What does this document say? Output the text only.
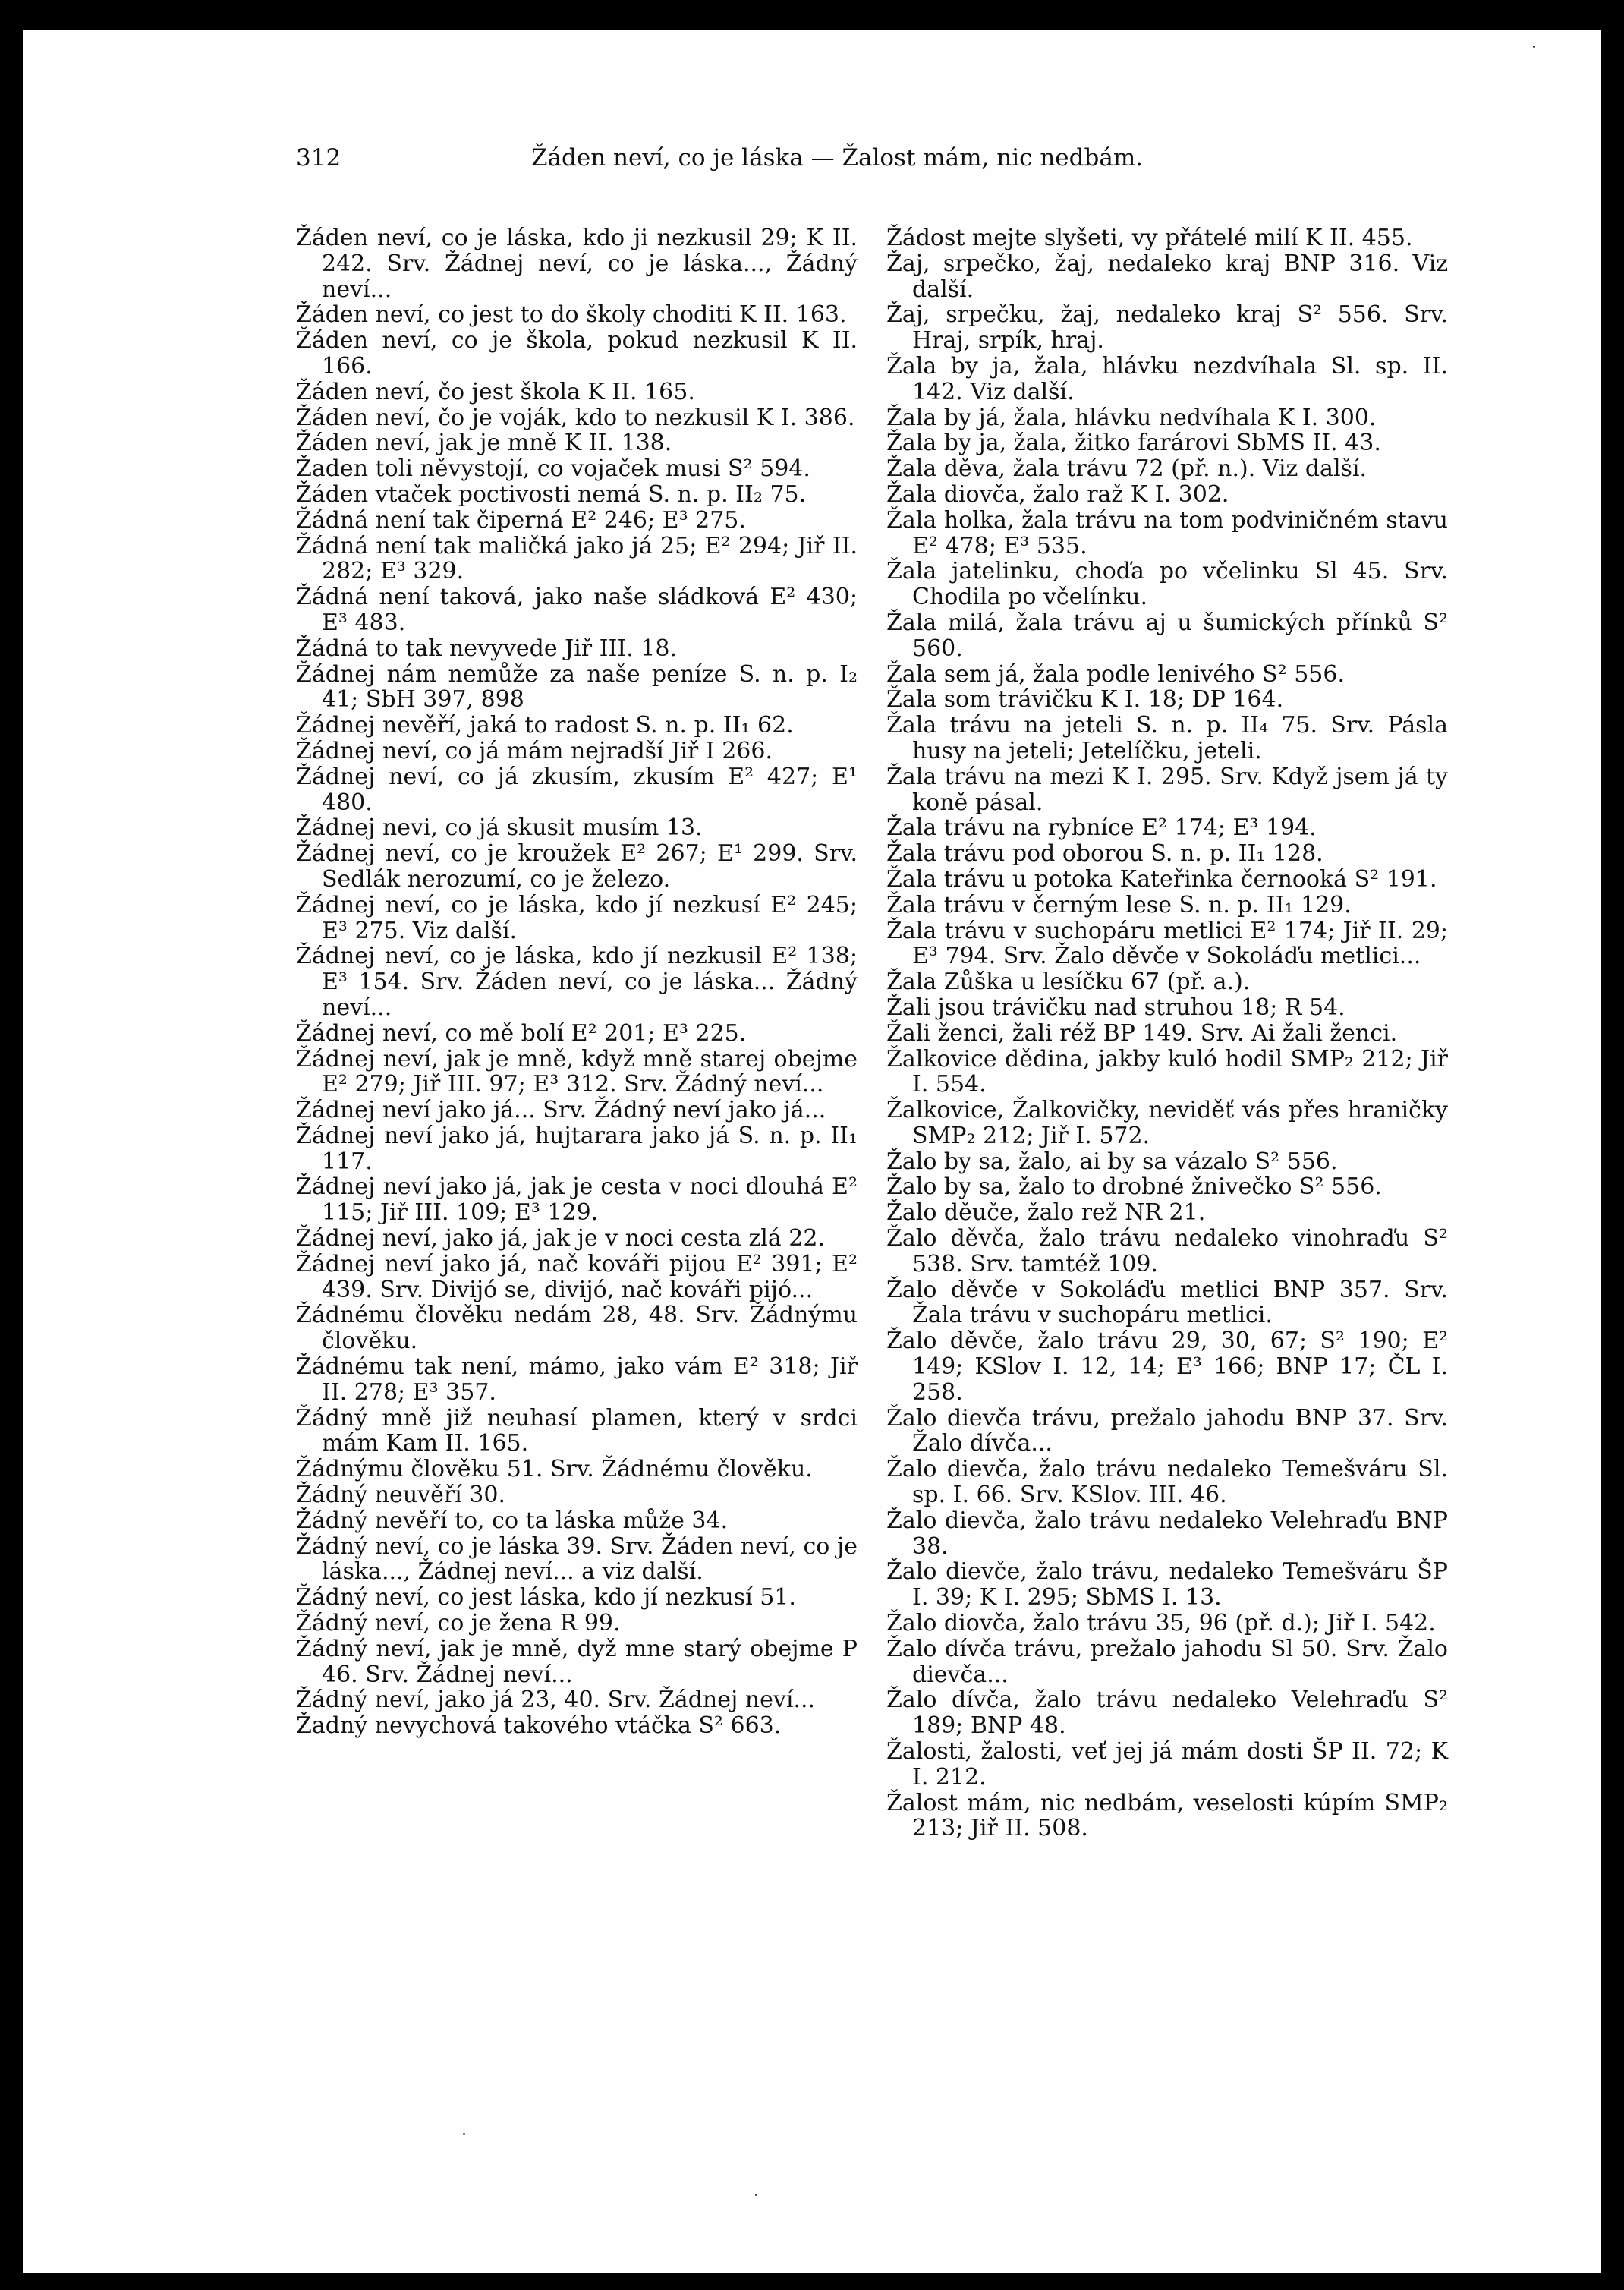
312	Žáden neví, co je láska — Žalost mám, nic nedbám.
Žáden neví, co je láska, kdo ji nezkusil 29; K II. 242. Srv. Žádnej neví, co je láska..., Žádný neví...
Žáden neví, co jest to do školy choditi K II. 163.
Žáden neví, co je škola, pokud nezkusil K II. 166.
Žáden neví, čo jest škola K II. 165.
Žáden neví, čo je voják, kdo to nezkusil K I. 386.
Žáden neví, jak je mně K II. 138.
Žaden toli něvystojí, co vojaček musi S² 594.
Žáden vtaček poctivosti nemá S. n. p. II₂ 75.
Žádná není tak čiperná E² 246; E³ 275.
Žádná není tak maličká jako já 25; E² 294; Jiř II. 282; E³ 329.
Žádná není taková, jako naše sládková E² 430; E³ 483.
Žádná to tak nevyvede Jiř III. 18.
Žádnej nám nemůže za naše peníze S. n. p. I₂ 41; SbH 397, 898
Žádnej nevěří, jaká to radost S. n. p. II₁ 62.
Žádnej neví, co já mám nejradší Jiř I 266.
Žádnej neví, co já zkusím, zkusím E² 427; E¹ 480.
Žádnej nevi, co já skusit musím 13.
Žádnej neví, co je kroužek E² 267; E¹ 299. Srv. Sedlák nerozumí, co je železo.
Žádnej neví, co je láska, kdo jí nezkusí E² 245; E³ 275. Viz další.
Žádnej neví, co je láska, kdo jí nezkusil E² 138; E³ 154. Srv. Žáden neví, co je láska... Žádný neví...
Žádnej neví, co mě bolí E² 201; E³ 225.
Žádnej neví, jak je mně, když mně starej obejme E² 279; Jiř III. 97; E³ 312. Srv. Žádný neví...
Žádnej neví jako já... Srv. Žádný neví jako já...
Žádnej neví jako já, hujtarara jako já S. n. p. II₁ 117.
Žádnej neví jako já, jak je cesta v noci dlouhá E² 115; Jiř III. 109; E³ 129.
Žádnej neví, jako já, jak je v noci cesta zlá 22.
Žádnej neví jako já, nač kováři pijou E² 391; E² 439. Srv. Divijó se, divijó, nač kováři pijó...
Žádnému člověku nedám 28, 48. Srv. Žádnýmu člověku.
Žádnému tak není, mámo, jako vám E² 318; Jiř II. 278; E³ 357.
Žádný mně již neuhasí plamen, který v srdci mám Kam II. 165.
Žádnýmu člověku 51. Srv. Žádnému člověku.
Žádný neuvěří 30.
Žádný nevěří to, co ta láska může 34.
Žádný neví, co je láska 39. Srv. Žáden neví, co je láska..., Žádnej neví... a viz další.
Žádný neví, co jest láska, kdo jí nezkusí 51.
Žádný neví, co je žena R 99.
Žádný neví, jak je mně, dyž mne starý obejme P 46. Srv. Žádnej neví...
Žádný neví, jako já 23, 40. Srv. Žádnej neví...
Žadný nevychová takového vtáčka S² 663.
Žádost mejte slyšeti, vy přátelé milí K II. 455.
Žaj, srpečko, žaj, nedaleko kraj BNP 316. Viz další.
Žaj, srpečku, žaj, nedaleko kraj S² 556. Srv. Hraj, srpík, hraj.
Žala by ja, žala, hlávku nezdvíhala Sl. sp. II. 142. Viz další.
Žala by já, žala, hlávku nedvíhala K I. 300.
Žala by ja, žala, žitko farárovi SbMS II. 43.
Žala děva, žala trávu 72 (př. n.). Viz další.
Žala diovča, žalo raž K I. 302.
Žala holka, žala trávu na tom podviničném stavu E² 478; E³ 535.
Žala jatelinku, choďa po včelinku Sl 45. Srv. Chodila po včelínku.
Žala milá, žala trávu aj u šumických přínků S² 560.
Žala sem já, žala podle lenivého S² 556.
Žala som trávičku K I. 18; DP 164.
Žala trávu na jeteli S. n. p. II₄ 75. Srv. Pásla husy na jeteli; Jetelíčku, jeteli.
Žala trávu na mezi K I. 295. Srv. Když jsem já ty koně pásal.
Žala trávu na rybníce E² 174; E³ 194.
Žala trávu pod oborou S. n. p. II₁ 128.
Žala trávu u potoka Kateřinka černooká S² 191.
Žala trávu v černým lese S. n. p. II₁ 129.
Žala trávu v suchopáru metlici E² 174; Jiř II. 29; E³ 794. Srv. Žalo děvče v Sokoláďu metlici...
Žala Zůška u lesíčku 67 (př. a.).
Žali jsou trávičku nad struhou 18; R 54.
Žali ženci, žali réž BP 149. Srv. Ai žali ženci.
Žalkovice dědina, jakby kuló hodil SMP₂ 212; Jiř I. 554.
Žalkovice, Žalkovičky, neviděť vás přes hraničky SMP₂ 212; Jiř I. 572.
Žalo by sa, žalo, ai by sa vázalo S² 556.
Žalo by sa, žalo to drobné žnivečko S² 556.
Žalo děuče, žalo rež NR 21.
Žalo děvča, žalo trávu nedaleko vinohraďu S² 538. Srv. tamtéž 109.
Žalo děvče v Sokoláďu metlici BNP 357. Srv. Žala trávu v suchopáru metlici.
Žalo děvče, žalo trávu 29, 30, 67; S² 190; E² 149; KSlov I. 12, 14; E³ 166; BNP 17; ČL I. 258.
Žalo dievča trávu, prežalo jahodu BNP 37. Srv. Žalo dívča...
Žalo dievča, žalo trávu nedaleko Temešváru Sl. sp. I. 66. Srv. KSlov. III. 46.
Žalo dievča, žalo trávu nedaleko Velehraďu BNP 38.
Žalo dievče, žalo trávu, nedaleko Temešváru ŠP I. 39; K I. 295; SbMS I. 13.
Žalo diovča, žalo trávu 35, 96 (př. d.); Jiř I. 542.
Žalo dívča trávu, prežalo jahodu Sl 50. Srv. Žalo dievča...
Žalo dívča, žalo trávu nedaleko Velehraďu S² 189; BNP 48.
Žalosti, žalosti, veť jej já mám dosti ŠP II. 72; K I. 212.
Žalost mám, nic nedbám, veselosti kúpím SMP₂ 213; Jiř II. 508.
